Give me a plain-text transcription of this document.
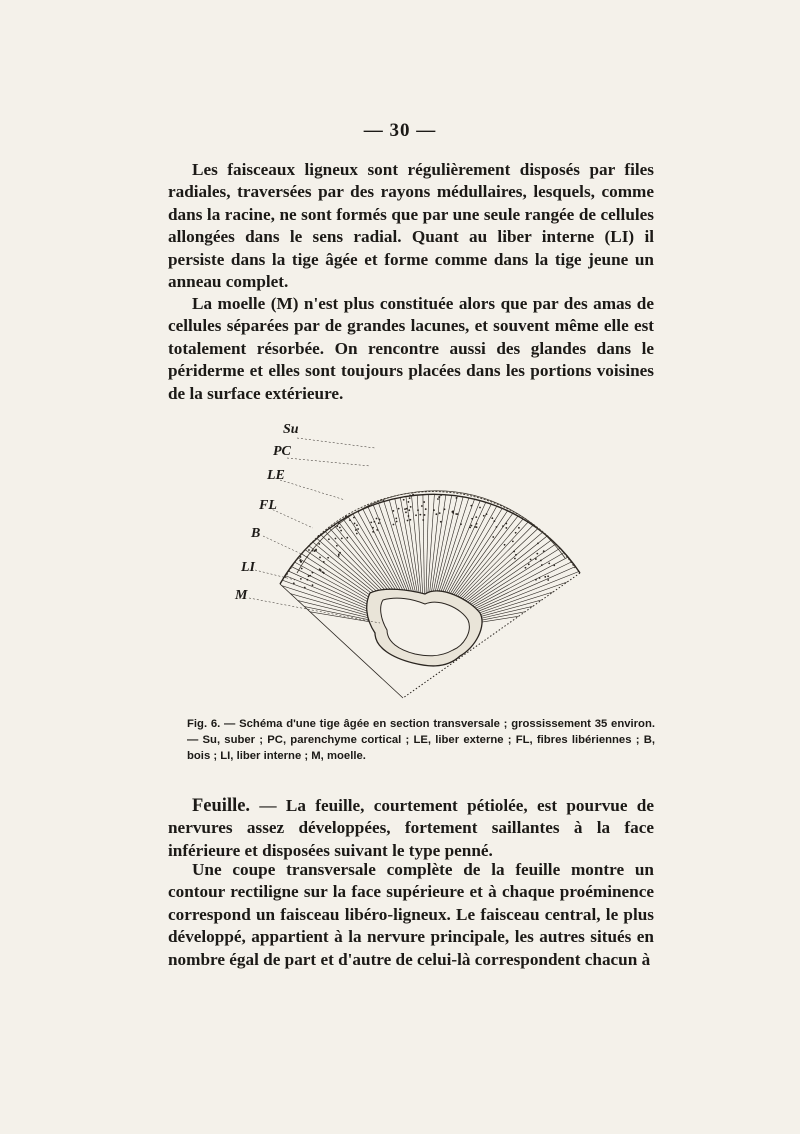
— 30 —

Les faisceaux ligneux sont régulièrement disposés par files radiales, traversées par des rayons médullaires, lesquels, comme dans la racine, ne sont formés que par une seule rangée de cellules allongées dans le sens radial. Quant au liber interne (LI) il persiste dans la tige âgée et forme comme dans la tige jeune un anneau complet.

La moelle (M) n'est plus constituée alors que par des amas de cellules séparées par de grandes lacunes, et souvent même elle est totalement résorbée. On rencontre aussi des glandes dans le périderme et elles sont toujours placées dans les portions voisines de la surface extérieure.

Su
PC
LE
FL
B
LI
M

Fig. 6. — Schéma d'une tige âgée en section transversale ; grossissement 35 environ. — Su, suber ; PC, parenchyme cortical ; LE, liber externe ; FL, fibres libériennes ; B, bois ; LI, liber interne ; M, moelle.

Feuille. — La feuille, courtement pétiolée, est pourvue de nervures assez développées, fortement saillantes à la face inférieure et disposées suivant le type penné.

Une coupe transversale complète de la feuille montre un contour rectiligne sur la face supérieure et à chaque proéminence correspond un faisceau libéro-ligneux. Le faisceau central, le plus développé, appartient à la nervure principale, les autres situés en nombre égal de part et d'autre de celui-là correspondent chacun à
